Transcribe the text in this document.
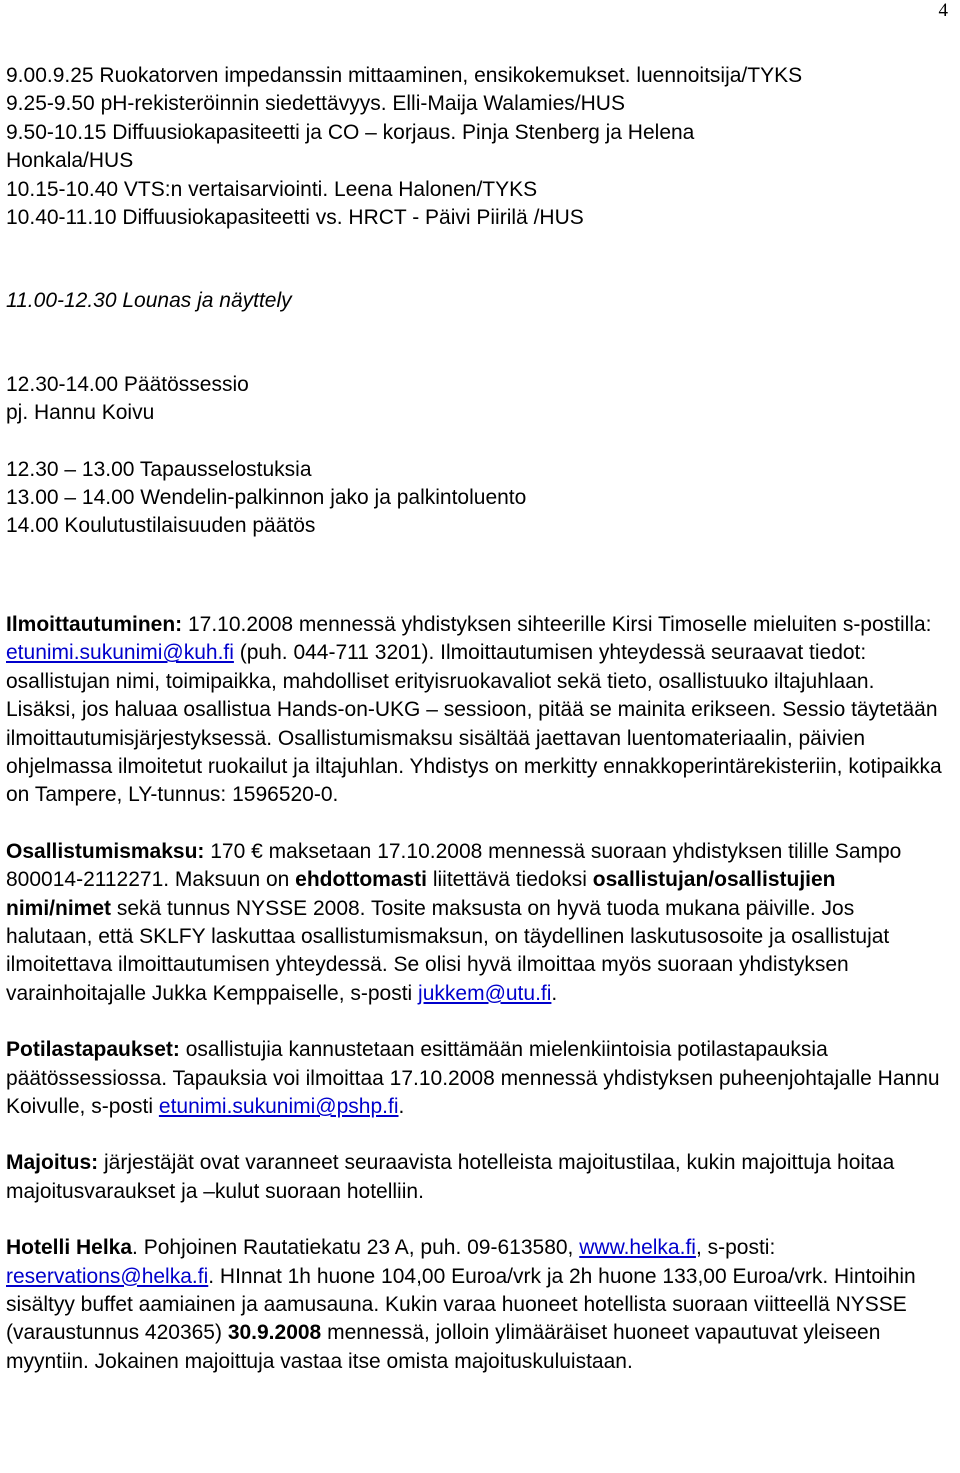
4
9.00.9.25 Ruokatorven impedanssin mittaaminen, ensikokemukset. luennoitsija/TYKS
9.25-9.50 pH-rekisteröinnin siedettävyys. Elli-Maija Walamies/HUS
9.50-10.15 Diffuusiokapasiteetti ja CO – korjaus. Pinja Stenberg ja Helena
Honkala/HUS
10.15-10.40 VTS:n vertaisarviointi. Leena Halonen/TYKS
10.40-11.10 Diffuusiokapasiteetti vs. HRCT - Päivi Piirilä /HUS
11.00-12.30 Lounas ja näyttely
12.30-14.00 Päätössessio
pj. Hannu Koivu
12.30 – 13.00 Tapausselostuksia
13.00 – 14.00 Wendelin-palkinnon jako ja palkintoluento
14.00 Koulutustilaisuuden päätös

Ilmoittautuminen: 17.10.2008 mennessä yhdistyksen sihteerille Kirsi Timoselle mieluiten s-postilla: etunimi.sukunimi@kuh.fi (puh. 044-711 3201). Ilmoittautumisen yhteydessä seuraavat tiedot: osallistujan nimi, toimipaikka, mahdolliset erityisruokavaliot sekä tieto, osallistuuko iltajuhlaan. Lisäksi, jos haluaa osallistua Hands-on-UKG – sessioon, pitää se mainita erikseen. Sessio täytetään ilmoittautumisjärjestyksessä. Osallistumismaksu sisältää jaettavan luentomateriaalin, päivien ohjelmassa ilmoitetut ruokailut ja iltajuhlan. Yhdistys on merkitty ennakkoperintärekisteriin, kotipaikka on Tampere, LY-tunnus: 1596520-0.

Osallistumismaksu: 170 € maksetaan 17.10.2008 mennessä suoraan yhdistyksen tilille Sampo 800014-2112271. Maksuun on ehdottomasti liitettävä tiedoksi osallistujan/osallistujien nimi/nimet sekä tunnus NYSSE 2008. Tosite maksusta on hyvä tuoda mukana päiville. Jos halutaan, että SKLFY laskuttaa osallistumismaksun, on täydellinen laskutusosoite ja osallistujat ilmoitettava ilmoittautumisen yhteydessä. Se olisi hyvä ilmoittaa myös suoraan yhdistyksen varainhoitajalle Jukka Kemppaiselle, s-posti jukkem@utu.fi.

Potilastapaukset: osallistujia kannustetaan esittämään mielenkiintoisia potilastapauksia päätössessiossa. Tapauksia voi ilmoittaa 17.10.2008 mennessä yhdistyksen puheenjohtajalle Hannu Koivulle, s-posti etunimi.sukunimi@pshp.fi.

Majoitus: järjestäjät ovat varanneet seuraavista hotelleista majoitustilaa, kukin majoittuja hoitaa majoitusvaraukset ja –kulut suoraan hotelliin.

Hotelli Helka. Pohjoinen Rautatiekatu 23 A, puh. 09-613580, www.helka.fi, s-posti: reservations@helka.fi. HInnat 1h huone 104,00 Euroa/vrk ja 2h huone 133,00 Euroa/vrk. Hintoihin sisältyy buffet aamiainen ja aamusauna. Kukin varaa huoneet hotellista suoraan viitteellä NYSSE (varaustunnus 420365) 30.9.2008 mennessä, jolloin ylimääräiset huoneet vapautuvat yleiseen myyntiin. Jokainen majoittuja vastaa itse omista majoituskuluistaan.
